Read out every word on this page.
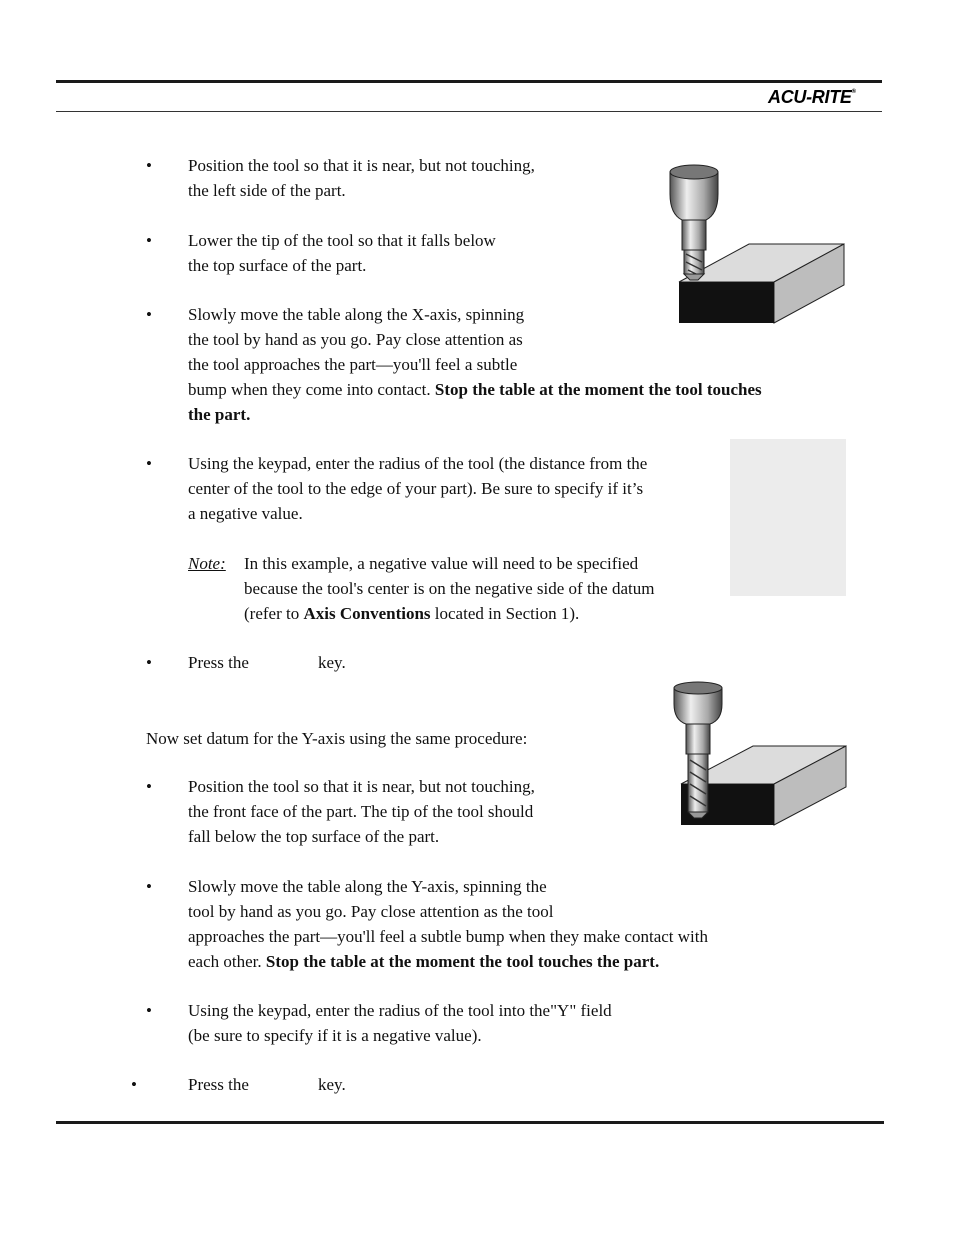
ACU-RITE®
• Position the tool so that it is near, but not touching,
the left side of the part.
• Lower the tip of the tool so that it falls below
the top surface of the part.
• Slowly move the table along the X-axis, spinning
the tool by hand as you go. Pay close attention as
the tool approaches the part—you'll feel a subtle
bump when they come into contact. Stop the table at the moment the tool touches
the part.
• Using the keypad, enter the radius of the tool (the distance from the
center of the tool to the edge of your part). Be sure to specify if it’s
a negative value.
Note: In this example, a negative value will need to be specified
because the tool's center is on the negative side of the datum
(refer to Axis Conventions located in Section 1).
• Press the	key.
Now set datum for the Y-axis using the same procedure:
• Position the tool so that it is near, but not touching,
the front face of the part. The tip of the tool should
fall below the top surface of the part.
• Slowly move the table along the Y-axis, spinning the
tool by hand as you go. Pay close attention as the tool
approaches the part—you'll feel a subtle bump when they make contact with
each other. Stop the table at the moment the tool touches the part.
• Using the keypad, enter the radius of the tool into the"Y" field
(be sure to specify if it is a negative value).
•	Press the	key.
